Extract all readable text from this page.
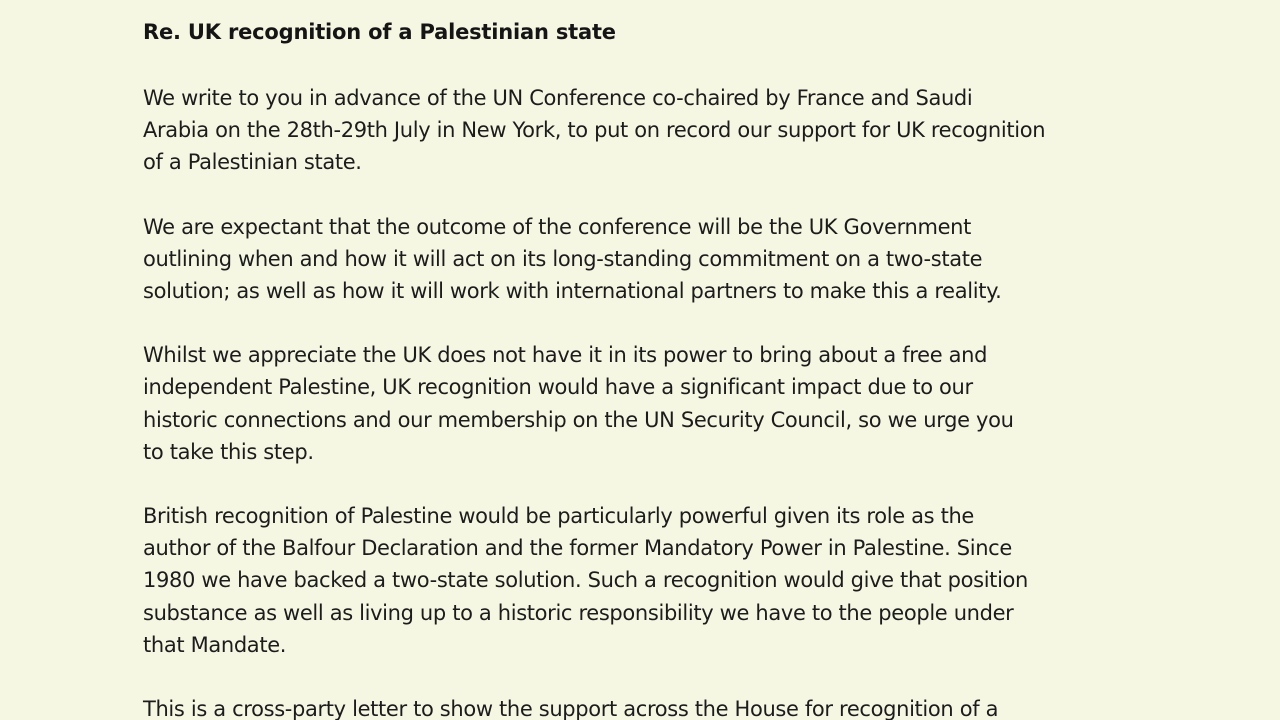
Re. UK recognition of a Palestinian state

We write to you in advance of the UN Conference co-chaired by France and Saudi
Arabia on the 28th-29th July in New York, to put on record our support for UK recognition
of a Palestinian state.

We are expectant that the outcome of the conference will be the UK Government
outlining when and how it will act on its long-standing commitment on a two-state
solution; as well as how it will work with international partners to make this a reality.

Whilst we appreciate the UK does not have it in its power to bring about a free and
independent Palestine, UK recognition would have a significant impact due to our
historic connections and our membership on the UN Security Council, so we urge you
to take this step.

British recognition of Palestine would be particularly powerful given its role as the
author of the Balfour Declaration and the former Mandatory Power in Palestine. Since
1980 we have backed a two-state solution. Such a recognition would give that position
substance as well as living up to a historic responsibility we have to the people under
that Mandate.

This is a cross-party letter to show the support across the House for recognition of a
